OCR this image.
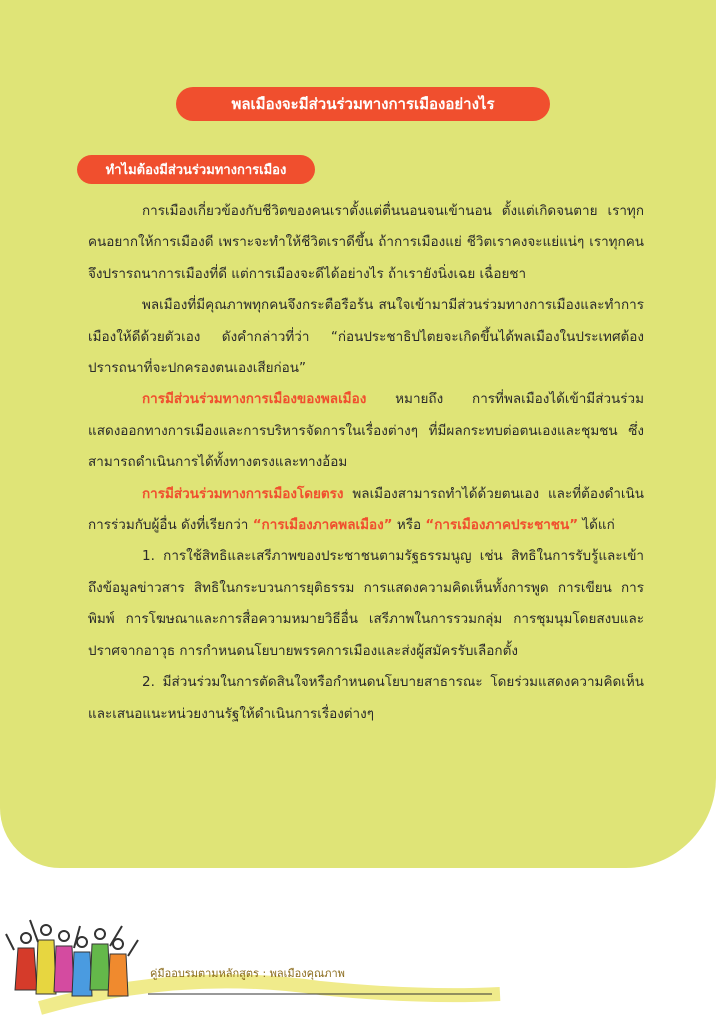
พลเมืองจะมีส่วนร่วมทางการเมืองอย่างไร
ทำไมต้องมีส่วนร่วมทางการเมือง

การเมืองเกี่ยวข้องกับชีวิตของคนเราตั้งแต่ตื่นนอนจนเข้านอน ตั้งแต่เกิดจนตาย เราทุกคนอยากให้การเมืองดี เพราะจะทำให้ชีวิตเราดีขึ้น ถ้าการเมืองแย่ ชีวิตเราคงจะแย่แน่ๆ เราทุกคนจึงปรารถนาการเมืองที่ดี แต่การเมืองจะดีได้อย่างไร ถ้าเรายังนิ่งเฉย เฉื่อยชา

พลเมืองที่มีคุณภาพทุกคนจึงกระตือรือร้น สนใจเข้ามามีส่วนร่วมทางการเมืองและทำการเมืองให้ดีด้วยตัวเอง ดังคำกล่าวที่ว่า “ก่อนประชาธิปไตยจะเกิดขึ้นได้พลเมืองในประเทศต้องปรารถนาที่จะปกครองตนเองเสียก่อน”

การมีส่วนร่วมทางการเมืองของพลเมือง หมายถึง การที่พลเมืองได้เข้ามีส่วนร่วมแสดงออกทางการเมืองและการบริหารจัดการในเรื่องต่างๆ ที่มีผลกระทบต่อตนเองและชุมชน ซึ่งสามารถดำเนินการได้ทั้งทางตรงและทางอ้อม

การมีส่วนร่วมทางการเมืองโดยตรง พลเมืองสามารถทำได้ด้วยตนเอง และที่ต้องดำเนินการร่วมกับผู้อื่น ดังที่เรียกว่า “การเมืองภาคพลเมือง” หรือ “การเมืองภาคประชาชน” ได้แก่

1. การใช้สิทธิและเสรีภาพของประชาชนตามรัฐธรรมนูญ เช่น สิทธิในการรับรู้และเข้าถึงข้อมูลข่าวสาร สิทธิในกระบวนการยุติธรรม การแสดงความคิดเห็นทั้งการพูด การเขียน การพิมพ์ การโฆษณาและการสื่อความหมายวิธีอื่น เสรีภาพในการรวมกลุ่ม การชุมนุมโดยสงบและปราศจากอาวุธ การกำหนดนโยบายพรรคการเมืองและส่งผู้สมัครรับเลือกตั้ง

2. มีส่วนร่วมในการตัดสินใจหรือกำหนดนโยบายสาธารณะ โดยร่วมแสดงความคิดเห็น และเสนอแนะหน่วยงานรัฐให้ดำเนินการเรื่องต่างๆ

คู่มืออบรมตามหลักสูตร : พลเมืองคุณภาพ
